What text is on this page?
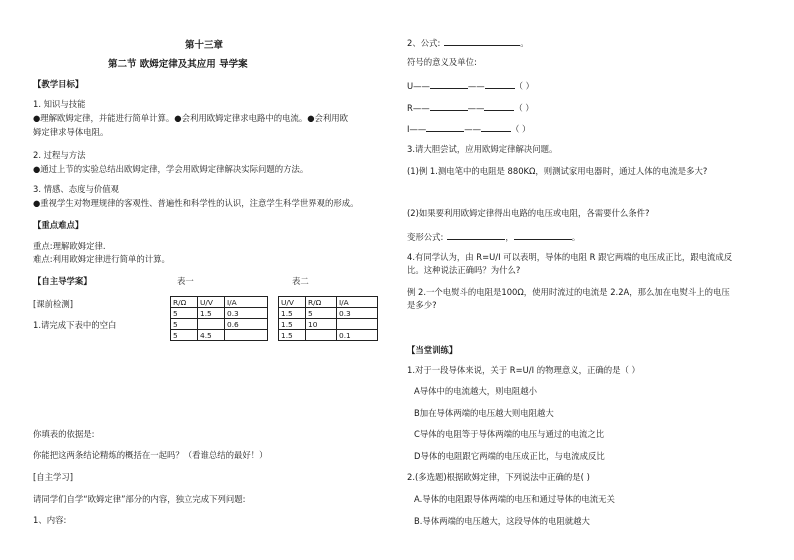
第十三章
第二节 欧姆定律及其应用 导学案
【教学目标】
1. 知识与技能
●理解欧姆定律，并能进行简单计算。●会利用欧姆定律求电路中的电流。●会利用欧
姆定律求导体电阻。
2. 过程与方法
●通过上节的实验总结出欧姆定律，学会用欧姆定律解决实际问题的方法。
3. 情感、态度与价值观
●重视学生对物理规律的客观性、普遍性和科学性的认识，注意学生科学世界观的形成。
【重点难点】
重点:理解欧姆定律.
难点:利用欧姆定律进行简单的计算。
【自主导学案】	表一	表二
[课前检测]
1.请完成下表中的空白
R/Ω	U/V	I/A
5	1.5	0.3
5		0.6
5	4.5	
U/V	R/Ω	I/A
1.5	5	0.3
1.5	10	
1.5		0.1
你填表的依据是:
你能把这两条结论精炼的概括在一起吗？（看谁总结的最好！）
[自主学习]
请同学们自学“欧姆定律”部分的内容，独立完成下列问题:
1、内容:
2、公式:	。
符号的意义及单位:
U——	——	（ ）
R——	——	（ ）
I——	——	（ ）
3.请大胆尝试，应用欧姆定律解决问题。
(1)例 1.测电笔中的电阻是 880KΩ，则测试家用电器时，通过人体的电流是多大?
(2)如果要利用欧姆定律得出电路的电压或电阻，各需要什么条件?
变形公式:	，	。
4.有同学认为，由 R=U/I 可以表明，导体的电阻 R 跟它两端的电压成正比，跟电流成反
比。这种说法正确吗？为什么?
例 2.一个电熨斗的电阻是100Ω，使用时流过的电流是 2.2A，那么加在电熨斗上的电压
是多少?
【当堂训练】
1.对于一段导体来说，关于 R=U/I 的物理意义，正确的是（ ）
A导体中的电流越大，则电阻越小
B加在导体两端的电压越大则电阻越大
C导体的电阻等于导体两端的电压与通过的电流之比
D导体的电阻跟它两端的电压成正比，与电流成反比
2.(多选题)根据欧姆定律，下列说法中正确的是( )
A.导体的电阻跟导体两端的电压和通过导体的电流无关
B.导体两端的电压越大，这段导体的电阻就越大
